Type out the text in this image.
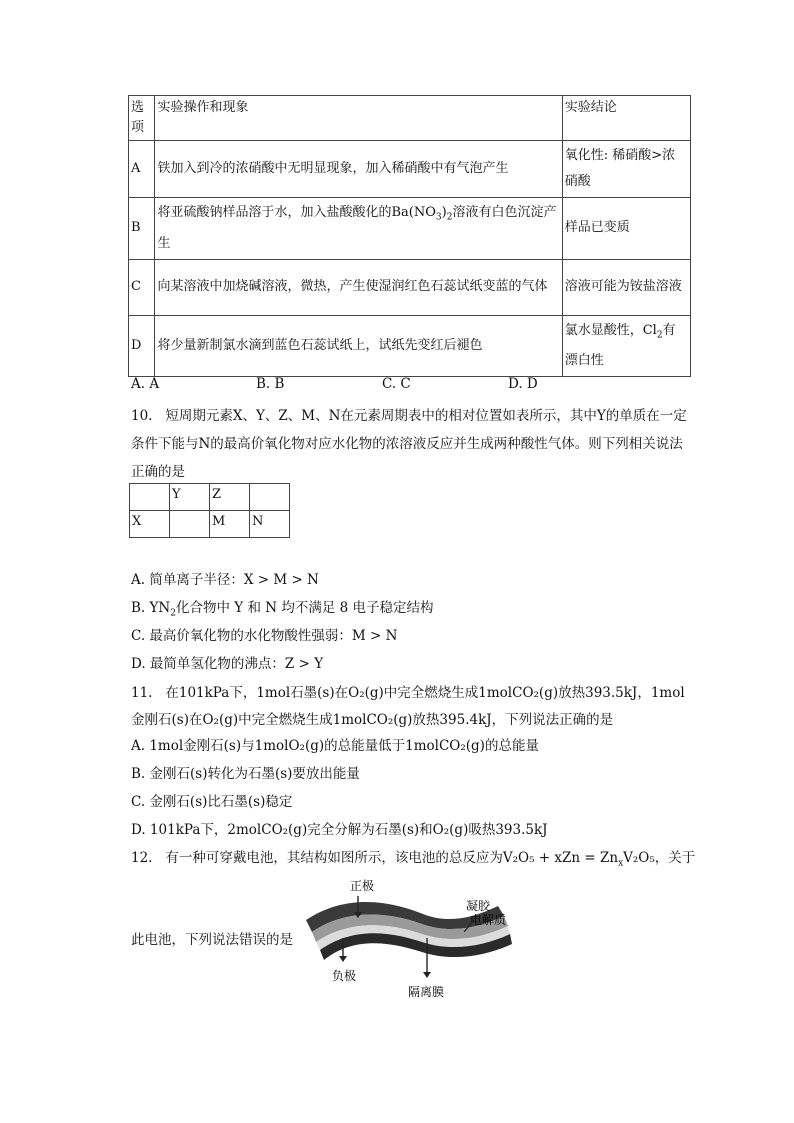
选项	实验操作和现象	实验结论
A	铁加入到冷的浓硝酸中无明显现象，加入稀硝酸中有气泡产生	氧化性: 稀硝酸>浓硝酸
B	将亚硫酸钠样品溶于水，加入盐酸酸化的$Ba(NO_3)_2$溶液有白色沉淀产生	样品已变质
C	向某溶液中加烧碱溶液，微热，产生使湿润红色石蕊试纸变蓝的气体	溶液可能为铵盐溶液
D	将少量新制氯水滴到蓝色石蕊试纸上，试纸先变红后褪色	氯水显酸性，$Cl_2$有漂白性
A. A	B. B	C. C	D. D
10. 短周期元素X、Y、Z、M、N在元素周期表中的相对位置如表所示，其中Y的单质在一定条件下能与N的最高价氧化物对应水化物的浓溶液反应并生成两种酸性气体。则下列相关说法正确的是
	Y	Z	
X		M	N
A. 简单离子半径：X > M > N
B. $YN_2$化合物中 Y 和 N 均不满足 8 电子稳定结构
C. 最高价氧化物的水化物酸性强弱：M > N
D. 最简单氢化物的沸点：Z > Y
11. 在101kPa下，1mol石墨(s)在O₂(g)中完全燃烧生成1molCO₂(g)放热393.5kJ，1mol 金刚石(s)在O₂(g)中完全燃烧生成1molCO₂(g)放热395.4kJ，下列说法正确的是
A. 1mol金刚石(s)与1molO₂(g)的总能量低于1molCO₂(g)的总能量
B. 金刚石(s)转化为石墨(s)要放出能量
C. 金刚石(s)比石墨(s)稳定
D. 101kPa下，2molCO₂(g)完全分解为石墨(s)和O₂(g)吸热393.5kJ
12. 有一种可穿戴电池，其结构如图所示，该电池的总反应为V₂O₅ + xZn = $Zn_xV_2O_5$，关于
此电池，下列说法错误的是
正极
凝胶
电解质
负极
隔离膜
